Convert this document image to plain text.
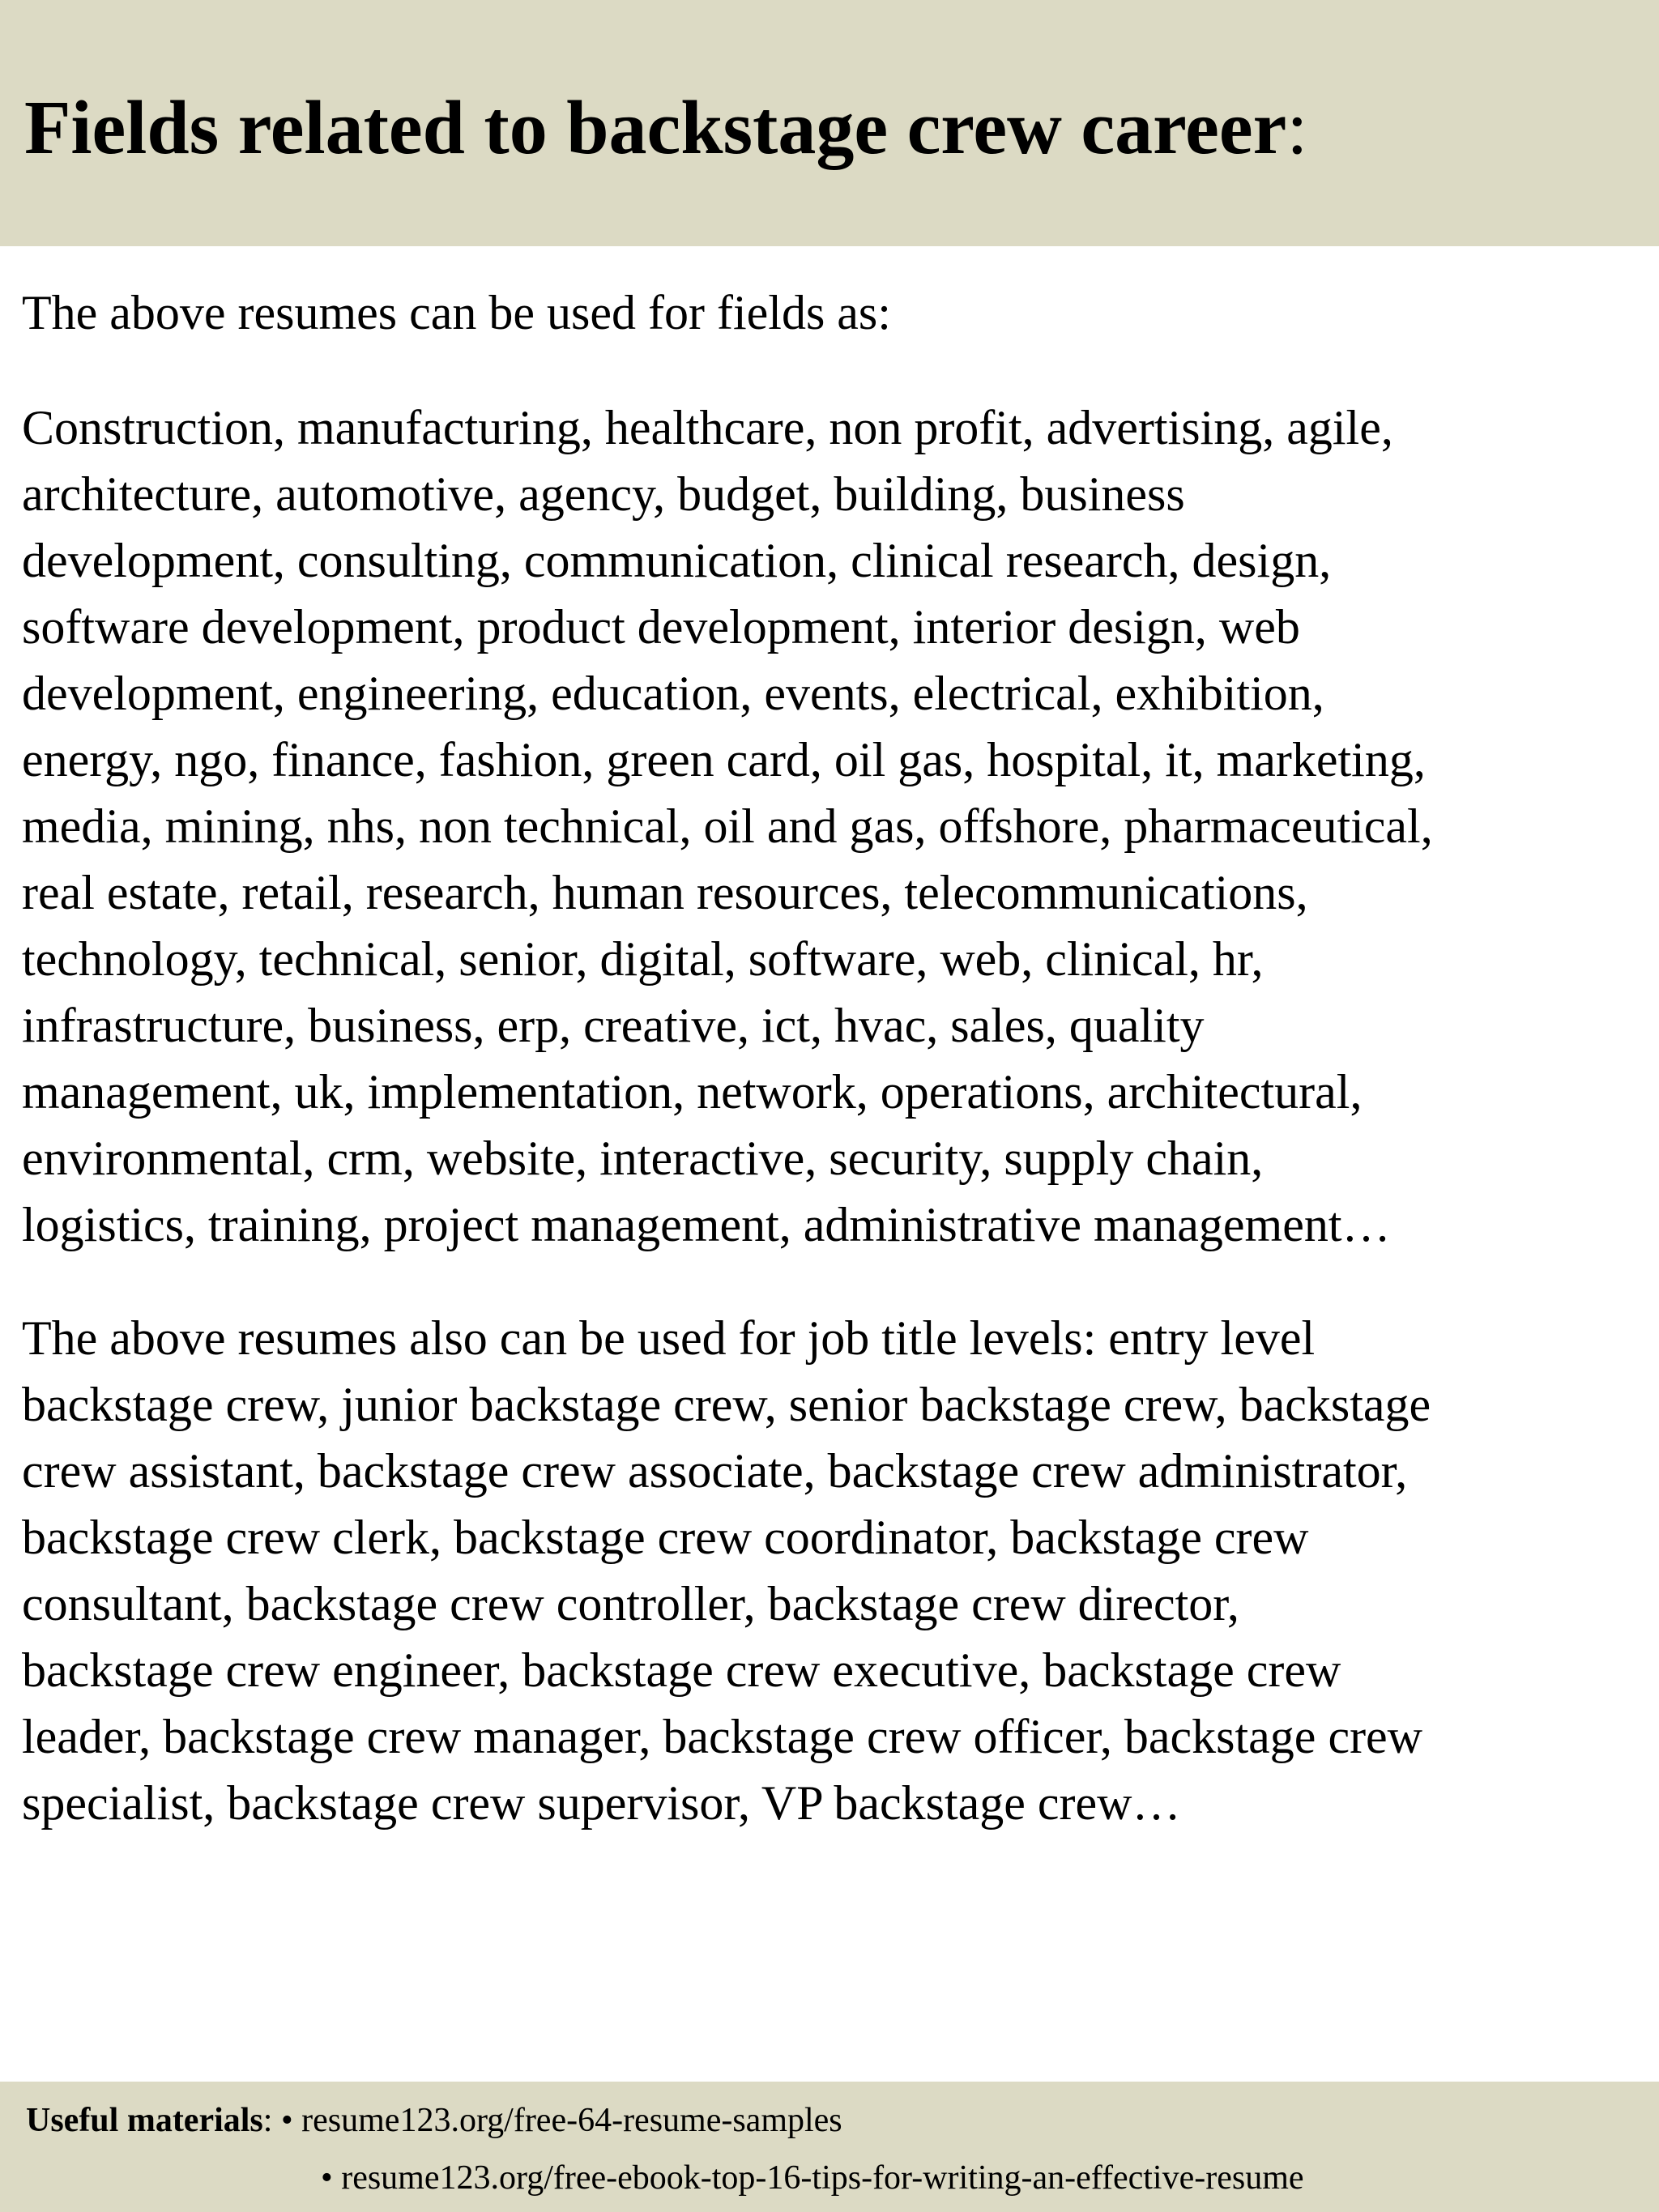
Fields related to backstage crew career:

The above resumes can be used for fields as:

Construction, manufacturing, healthcare, non profit, advertising, agile,
architecture, automotive, agency, budget, building, business
development, consulting, communication, clinical research, design,
software development, product development, interior design, web
development, engineering, education, events, electrical, exhibition,
energy, ngo, finance, fashion, green card, oil gas, hospital, it, marketing,
media, mining, nhs, non technical, oil and gas, offshore, pharmaceutical,
real estate, retail, research, human resources, telecommunications,
technology, technical, senior, digital, software, web, clinical, hr,
infrastructure, business, erp, creative, ict, hvac, sales, quality
management, uk, implementation, network, operations, architectural,
environmental, crm, website, interactive, security, supply chain,
logistics, training, project management, administrative management…

The above resumes also can be used for job title levels: entry level
backstage crew, junior backstage crew, senior backstage crew, backstage
crew assistant, backstage crew associate, backstage crew administrator,
backstage crew clerk, backstage crew coordinator, backstage crew
consultant, backstage crew controller, backstage crew director,
backstage crew engineer, backstage crew executive, backstage crew
leader, backstage crew manager, backstage crew officer, backstage crew
specialist, backstage crew supervisor, VP backstage crew…

Useful materials: • resume123.org/free-64-resume-samples
• resume123.org/free-ebook-top-16-tips-for-writing-an-effective-resume
